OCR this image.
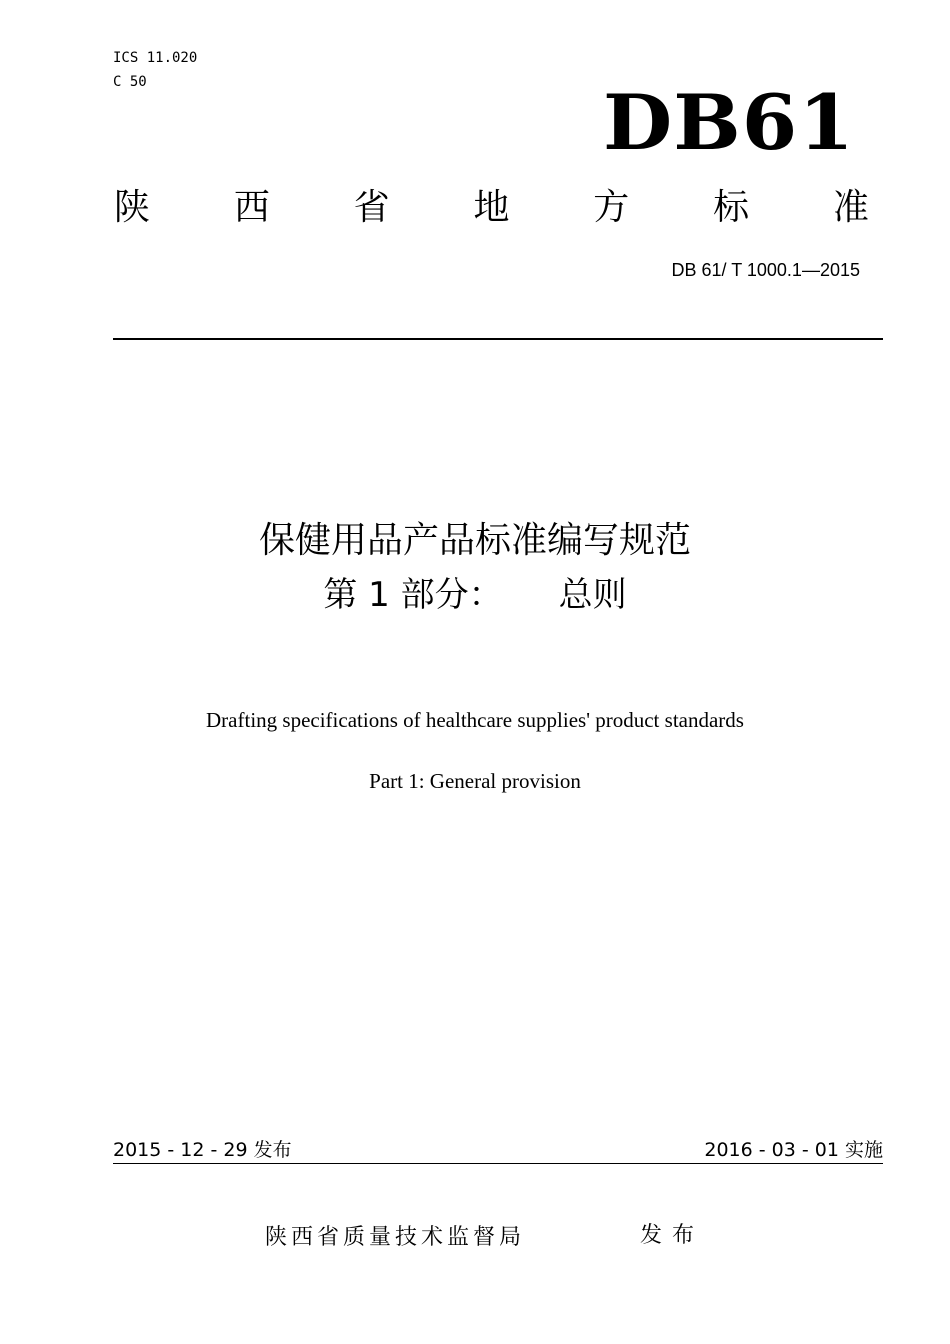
ICS 11.020
C 50	DB61
陕 西 省 地 方 标 准
DB 61/ T 1000.1—2015
保健用品产品标准编写规范
第 1 部分： 总则
Drafting specifications of healthcare supplies' product standards
Part 1: General provision
2015 - 12 - 29 发布	2016 - 03 - 01 实施
陕西省质量技术监督局	发布
